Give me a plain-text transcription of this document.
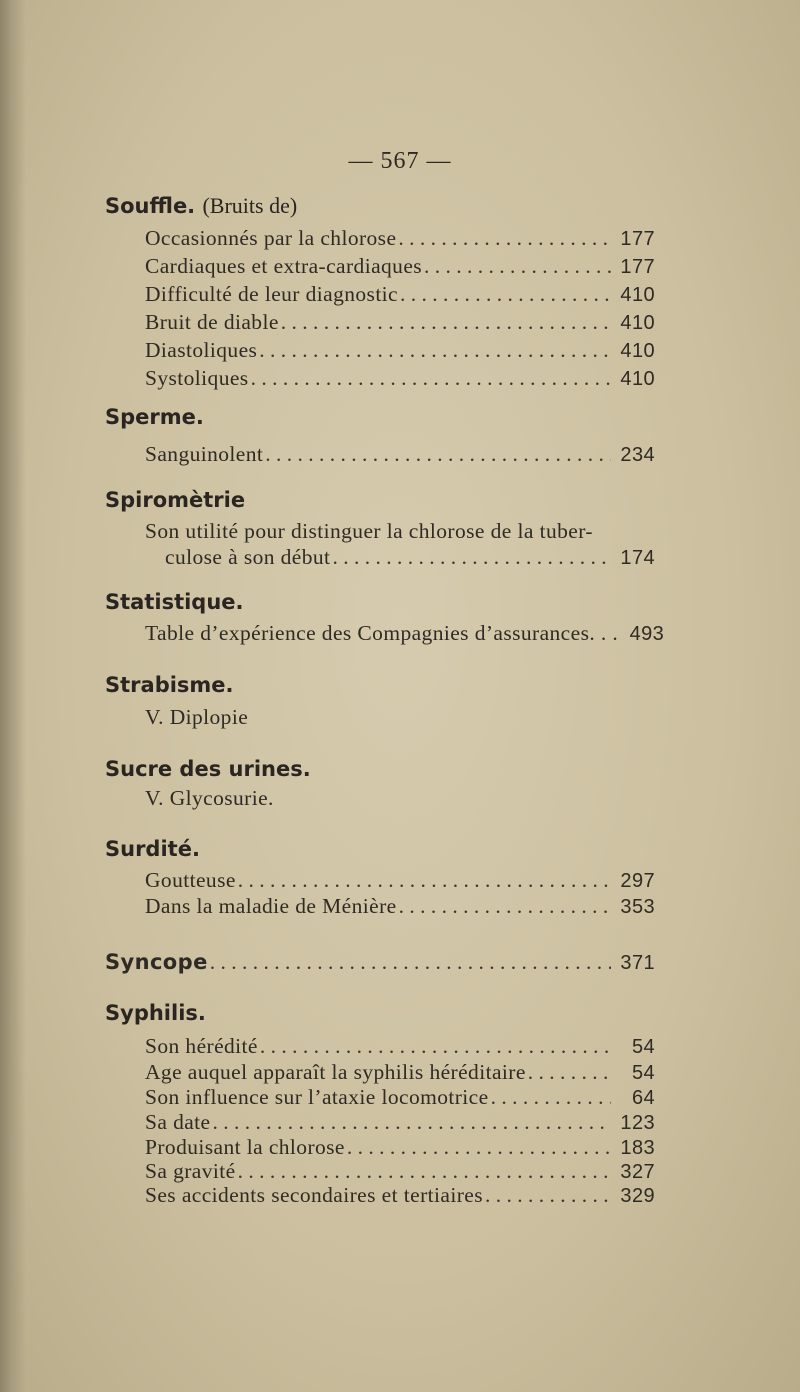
— 567 —
Souffle. (Bruits de)
Occasionnés par la chlorose . . .	177
Cardiaques et extra-cardiaques . . .	177
Difficulté de leur diagnostic . . .	410
Bruit de diable . . .	410
Diastoliques . . .	410
Systoliques . . .	410
Sperme.
Sanguinolent . . .	234
Spiromètrie
Son utilité pour distinguer la chlorose de la tuber-
culose à son début . . .	174
Statistique.
Table d’expérience des Compagnies d’assurances. . . 493
Strabisme.
V. Diplopie
Sucre des urines.
V. Glycosurie.
Surdité.
Goutteuse . . .	297
Dans la maladie de Ménière . . .	353
Syncope . . .	371
Syphilis.
Son hérédité . . .	54
Age auquel apparaît la syphilis héréditaire . . .	54
Son influence sur l’ataxie locomotrice . . .	64
Sa date . . .	123
Produisant la chlorose . . .	183
Sa gravité . . .	327
Ses accidents secondaires et tertiaires . . .	329
